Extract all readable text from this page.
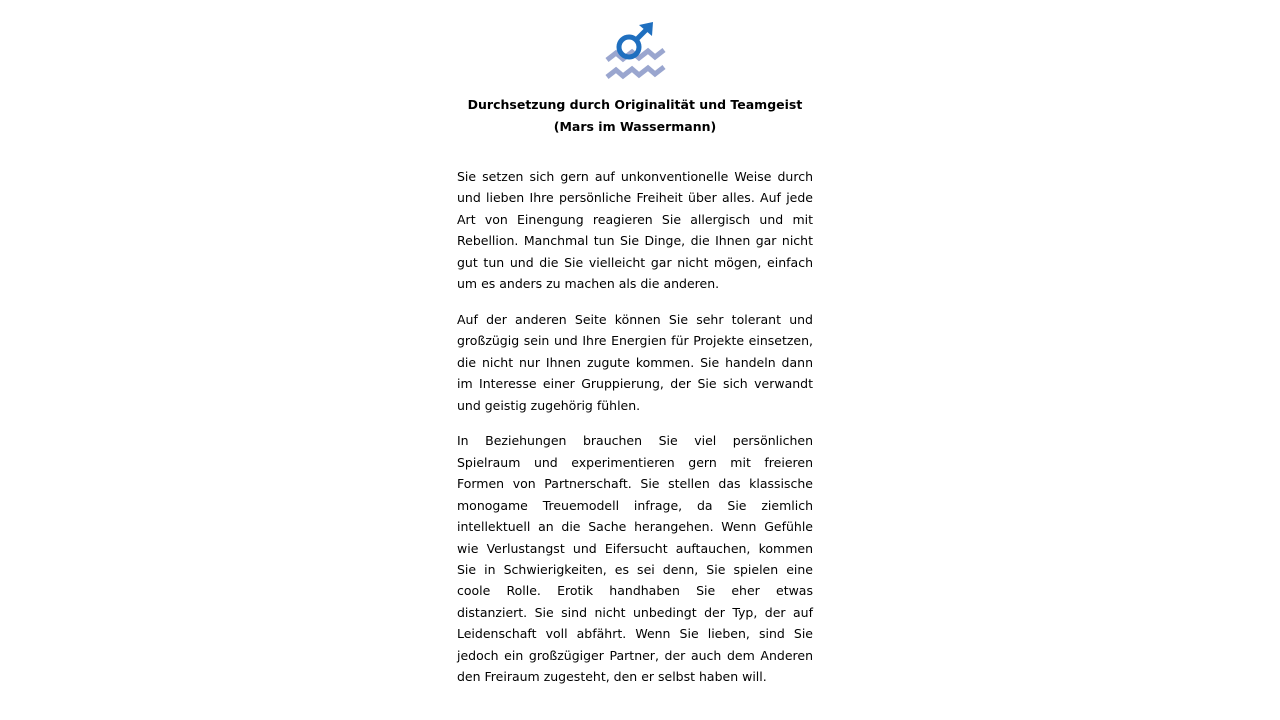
Durchsetzung durch Originalität und Teamgeist
(Mars im Wassermann)

Sie setzen sich gern auf unkonventionelle Weise durch und lieben Ihre persönliche Freiheit über alles. Auf jede Art von Einengung reagieren Sie allergisch und mit Rebellion. Manchmal tun Sie Dinge, die Ihnen gar nicht gut tun und die Sie vielleicht gar nicht mögen, einfach um es anders zu machen als die anderen.

Auf der anderen Seite können Sie sehr tolerant und großzügig sein und Ihre Energien für Projekte einsetzen, die nicht nur Ihnen zugute kommen. Sie handeln dann im Interesse einer Gruppierung, der Sie sich verwandt und geistig zugehörig fühlen.

In Beziehungen brauchen Sie viel persönlichen Spielraum und experimentieren gern mit freieren Formen von Partnerschaft. Sie stellen das klassische monogame Treuemodell infrage, da Sie ziemlich intellektuell an die Sache herangehen. Wenn Gefühle wie Verlustangst und Eifersucht auftauchen, kommen Sie in Schwierigkeiten, es sei denn, Sie spielen eine coole Rolle. Erotik handhaben Sie eher etwas distanziert. Sie sind nicht unbedingt der Typ, der auf Leidenschaft voll abfährt. Wenn Sie lieben, sind Sie jedoch ein großzügiger Partner, der auch dem Anderen den Freiraum zugesteht, den er selbst haben will.
